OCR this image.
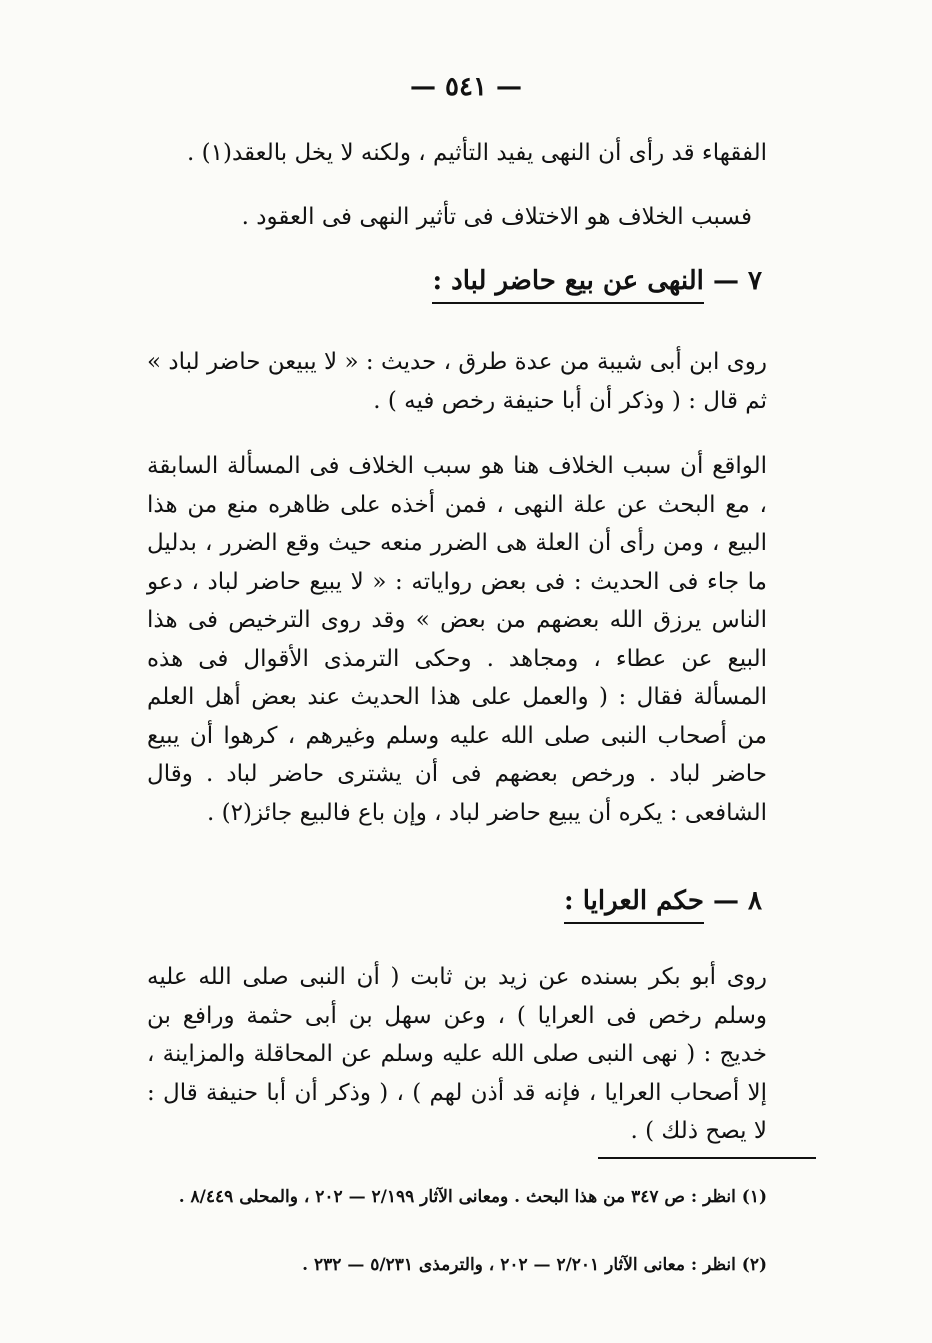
— ٥٤١ —
الفقهاء قد رأى أن النهى يفيد التأثيم ، ولكنه لا يخل بالعقد(١) .
فسبب الخلاف هو الاختلاف فى تأثير النهى فى العقود .
٧ — النهى عن بيع حاضر لباد :
روى ابن أبى شيبة من عدة طرق ، حديث : « لا يبيعن حاضر لباد » ثم قال : ( وذكر أن أبا حنيفة رخص فيه ) .
الواقع أن سبب الخلاف هنا هو سبب الخلاف فى المسألة السابقة ، مع البحث عن علة النهى ، فمن أخذه على ظاهره منع من هذا البيع ، ومن رأى أن العلة هى الضرر منعه حيث وقع الضرر ، بدليل ما جاء فى الحديث : فى بعض رواياته : « لا يبيع حاضر لباد ، دعو الناس يرزق الله بعضهم من بعض » وقد روى الترخيص فى هذا البيع عن عطاء ، ومجاهد . وحكى الترمذى الأقوال فى هذه المسألة فقال : ( والعمل على هذا الحديث عند بعض أهل العلم من أصحاب النبى صلى الله عليه وسلم وغيرهم ، كرهوا أن يبيع حاضر لباد . ورخص بعضهم فى أن يشترى حاضر لباد . وقال الشافعى : يكره أن يبيع حاضر لباد ، وإن باع فالبيع جائز(٢) .
٨ — حكم العرايا :
روى أبو بكر بسنده عن زيد بن ثابت ( أن النبى صلى الله عليه وسلم رخص فى العرايا ) ، وعن سهل بن أبى حثمة ورافع بن خديج : ( نهى النبى صلى الله عليه وسلم عن المحاقلة والمزاينة ، إلا أصحاب العرايا ، فإنه قد أذن لهم ) ، ( وذكر أن أبا حنيفة قال : لا يصح ذلك ) .
(١) انظر : ص ٣٤٧ من هذا البحث . ومعانى الآثار ٢/١٩٩ — ٢٠٢ ، والمحلى ٨/٤٤٩ .
(٢) انظر : معانى الآثار ٢/٢٠١ — ٢٠٢ ، والترمذى ٥/٢٣١ — ٢٣٢ .
